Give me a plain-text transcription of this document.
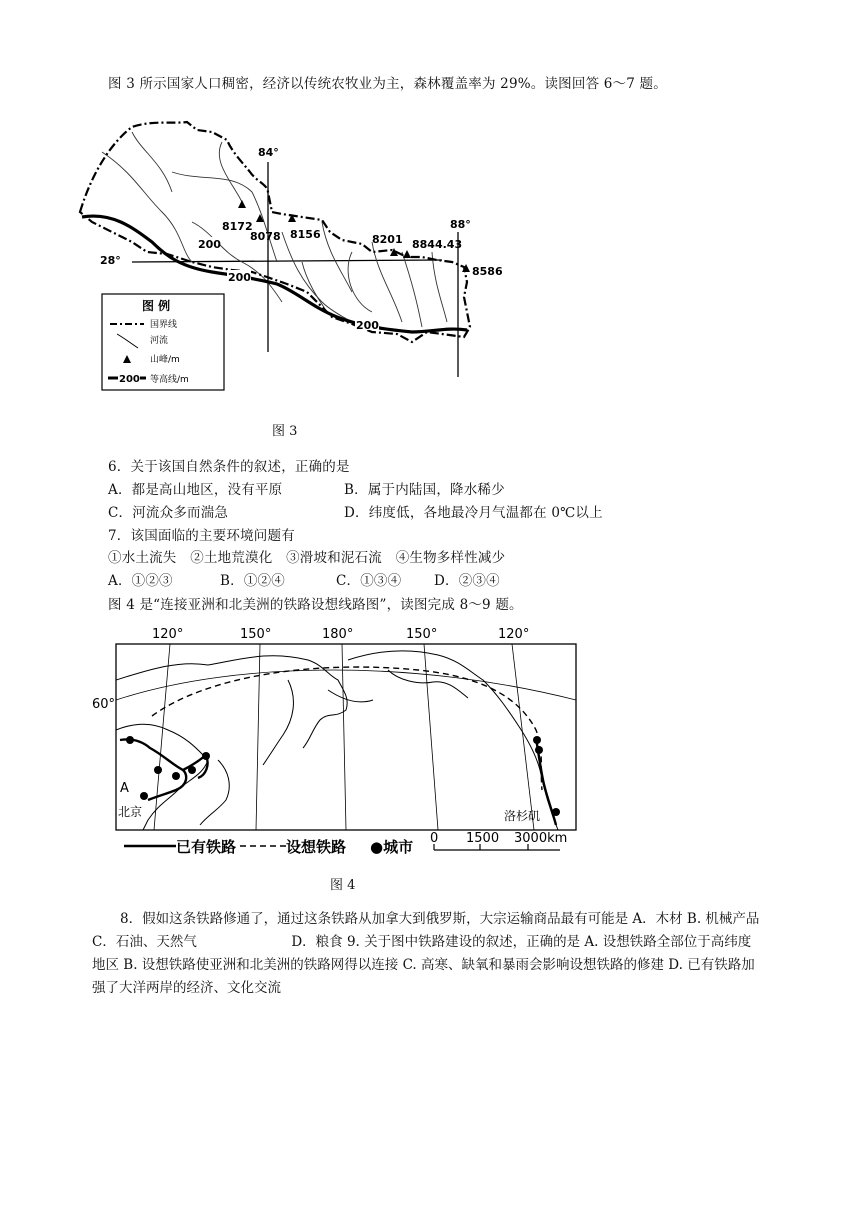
图 3 所示国家人口稠密，经济以传统农牧业为主，森林覆盖率为 29%。读图回答 6～7 题。
200
200
200
84°
88°
28°
8172
8078 8156	8201 8844.43
8586
图 例
国界线
河流
山峰/m
200 等高线/m
图 3
6．关于该国自然条件的叙述，正确的是
A．都是高山地区，没有平原	B．属于内陆国，降水稀少
C．河流众多而湍急	D．纬度低，各地最冷月气温都在 0℃以上
7．该国面临的主要环境问题有
①水土流失　②土地荒漠化　③滑坡和泥石流　④生物多样性减少
A．①②③	B．①②④	C．①③④ D．②③④
图 4 是“连接亚洲和北美洲的铁路设想线路图”，读图完成 8～9 题。
120°	150°	180°	150°	120°
60°
A
北京	洛杉矶
已有铁路	设想铁路 ●城市 0 1500 3000km
图 4
8．假如这条铁路修通了，通过这条铁路从加拿大到俄罗斯，大宗运输商品最有可能是 A．木材 B. 机械产品　　　　C．石油、天然气　　　　　　　D．粮食 9. 关于图中铁路建设的叙述，正确的是 A. 设想铁路全部位于高纬度地区 B. 设想铁路使亚洲和北美洲的铁路网得以连接 C. 高寒、缺氧和暴雨会影响设想铁路的修建 D. 已有铁路加强了大洋两岸的经济、文化交流
